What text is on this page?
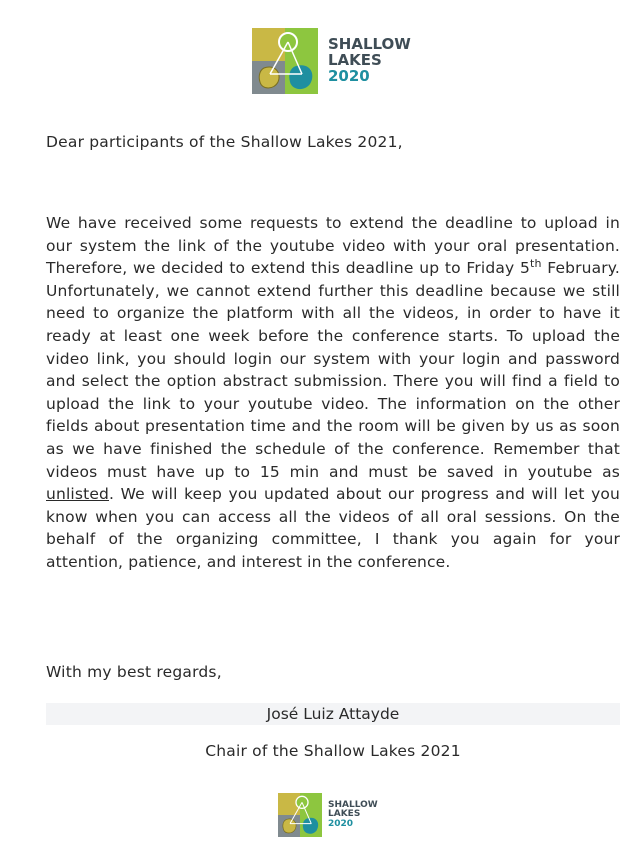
SHALLOW
LAKES
2020

Dear participants of the Shallow Lakes 2021,

We have received some requests to extend the deadline to upload in our system the link of the youtube video with your oral presentation. Therefore, we decided to extend this deadline up to Friday 5th February. Unfortunately, we cannot extend further this deadline because we still need to organize the platform with all the videos, in order to have it ready at least one week before the conference starts. To upload the video link, you should login our system with your login and password and select the option abstract submission. There you will find a field to upload the link to your youtube video. The information on the other fields about presentation time and the room will be given by us as soon as we have finished the schedule of the conference. Remember that videos must have up to 15 min and must be saved in youtube as unlisted. We will keep you updated about our progress and will let you know when you can access all the videos of all oral sessions. On the behalf of the organizing committee, I thank you again for your attention, patience, and interest in the conference.

With my best regards,

José Luiz Attayde

Chair of the Shallow Lakes 2021

SHALLOW
LAKES
2020
